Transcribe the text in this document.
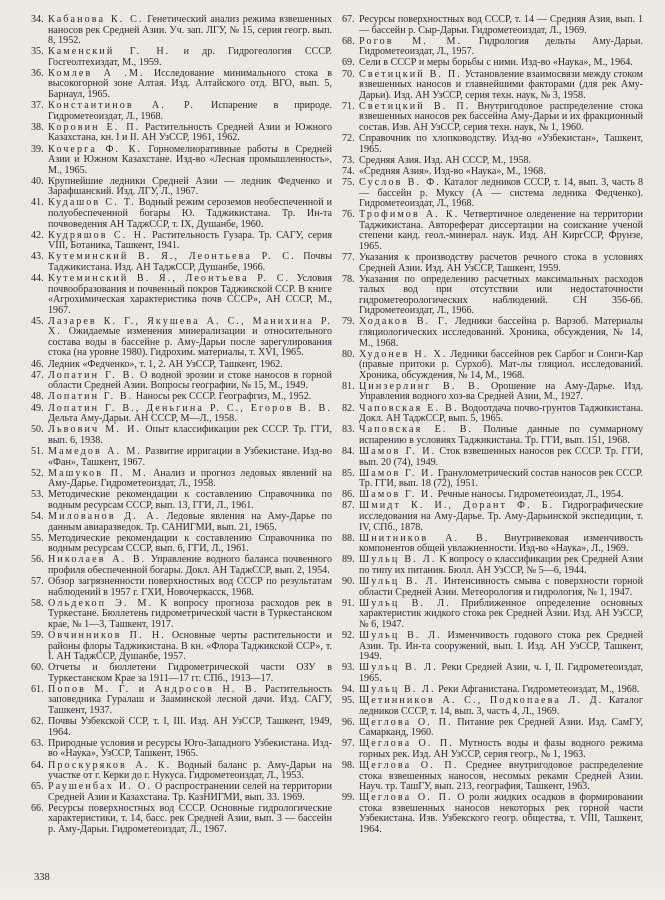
34. Кабанова К. С. Генетический анализ режима взвешенных наносов рек Средней Азии. Уч. зап. ЛГУ, № 15, серия геогр. вып. 8, 1952.
35. Каменский Г. Н. и др. Гидрогеология СССР. Госгеолтехиздат, М., 1959.
36. Комлев А .М. Исследование минимального стока в высокогорной зоне Алтая. Изд. Алтайского отд. ВГО, вып. 5, Барнаул, 1965.
37. Константинов А. Р. Испарение в природе. Гидрометеоиздат, Л., 1968.
38. Коровин Е. П. Растительность Средней Азии и Южного Казахстана, кн. I и II. АН УзССР, 1961, 1962.
39. Кочерга Ф. К. Горномелиоративные работы в Средней Азии и Южном Казахстане. Изд-во «Лесная промышленность», М., 1965.
40. Крупнейшие ледники Средней Азии — ледник Федченко и Зарафшанский. Изд. ЛГУ, Л., 1967.
41. Кудашов С. Т. Водный режим сероземов необеспеченной и полуобеспеченной богары Ю. Таджикистана. Тр. Ин-та почвоведения АН ТаджССР, т. IX, Душанбе, 1960.
42. Кудряшов С. Н. Растительность Гузара. Тр. САГУ, серия VIII, Ботаника, Ташкент, 1941.
43. Кутеминский В. Я., Леонтьева Р. С. Почвы Таджикистана. Изд. АН ТаджССР, Душанбе, 1966.
44. Кутеминский В. Я., Леонтьева Р. С. Условия почвообразования и почвенный покров Таджикской ССР. В книге «Агрохимическая характеристика почв СССР», АН СССР, М., 1967.
45. Лазарев К. Г., Якушева А. С., Манихина Р. Х. Ожидаемые изменения минерализации и относительного состава воды в бассейне р. Аму-Дарьи после зарегулирования стока (на уровне 1980). Гидрохим. материалы, т. XVI, 1965.
46. Ледник «Федченко», т. 1, 2. АН УзССР, Ташкент, 1962.
47. Лопатин Г. В. О водной эрозии и стоке наносов в горной области Средней Азии. Вопросы географии, № 15, М., 1949.
48. Лопатин Г. В. Наносы рек СССР. Географгиз, М., 1952.
49. Лопатин Г. В., Деньгина Р. С., Егоров В. В. Дельта Аму-Дарьи. АН СССР, М—Л., 1958.
50. Львович М. И. Опыт классификации рек СССР. Тр. ГГИ, вып. 6, 1938.
51. Мамедов А. М. Развитие ирригации в Узбекистане. Изд-во «Фан», Ташкент, 1967.
52. Машуков П. М. Анализ и прогноз ледовых явлений на Аму-Дарье. Гидрометеоиздат, Л., 1958.
53. Методические рекомендации к составлению Справочника по водным ресурсам СССР, вып. 13, ГГИ, Л., 1961.
54. Милованов Д. А. Ледовые явления на Аму-Дарье по данным авиаразведок. Тр. САНИГМИ, вып. 21, 1965.
55. Методические рекомендации к составлению Справочника по водным ресурсам СССР, вып. 6, ГГИ, Л., 1961.
56. Николаев А. В. Управление водного баланса почвенного профиля обеспеченной богары. Докл. АН ТаджССР, вып. 2, 1954.
57. Обзор загрязненности поверхностных вод СССР по результатам наблюдений в 1957 г. ГХИ, Новочеркасск, 1968.
58. Ольдекоп Э. М. К вопросу прогноза расходов рек в Туркестане. Бюллетень гидрометрической части в Туркестанском крае, № 1—3, Ташкент, 1917.
59. Овчинников П. Н. Основные черты растительности и районы флоры Таджикистана. В кн. «Флора Таджикской ССР», т. I. АН ТаджССР, Душанбе, 1957.
60. Отчеты и бюллетени Гидрометрической части ОЗУ в Туркестанском Крае за 1911—17 гг. СПб., 1913—17.
61. Попов М. Г. и Андросов Н. В. Растительность заповедника Гуралаш и Зааминской лесной дачи. Изд. САГУ, Ташкент, 1937.
62. Почвы Узбекской ССР, т. I, III. Изд. АН УзССР, Ташкент, 1949, 1964.
63. Природные условия и ресурсы Юго-Западного Узбекистана. Изд-во «Наука», УзССР, Ташкент, 1965.
64. Проскуряков А. К. Водный баланс р. Аму-Дарьи на участке от г. Керки до г. Нукуса. Гидрометеоиздат, Л., 1953.
65. Раушенбах И. О. О распространении селей на территории Средней Азии и Казахстана. Тр. КазНИГМИ, вып. 33. 1969.
66. Ресурсы поверхностных вод СССР. Основные гидрологические характеристики, т. 14, басс. рек Средней Азии, вып. 3 — бассейн р. Аму-Дарьи. Гидрометеоиздат, Л., 1967.
67. Ресурсы поверхностных вод СССР, т. 14 — Средняя Азия, вып. 1 — бассейн р. Сыр-Дарьи. Гидрометеоиздат, Л., 1969.
68. Рогов М. М. Гидрология дельты Аму-Дарьи. Гидрометеоиздат, Л., 1957.
69. Сели в СССР и меры борьбы с ними. Изд-во «Наука», М., 1964.
70. Светицкий В. П. Установление взаимосвязи между стоком взвешенных наносов и главнейшими факторами (для рек Аму-Дарьи). Изд. АН УзССР, серия техн. наук, № 3, 1958.
71. Светицкий В. П. Внутригодовое распределение стока взвешенных наносов рек бассейна Аму-Дарьи и их фракционный состав. Изв. АН УзССР, серия техн. наук, № 1, 1960.
72. Справочник по хлопководству. Изд-во «Узбекистан», Ташкент, 1965.
73. Средняя Азия. Изд. АН СССР, М., 1958.
74. «Средняя Азия». Изд-во «Наука», М., 1968.
75. Суслов В. Ф. Каталог ледников СССР, т. 14, вып. 3, часть 8 — бассейн р. Муксу (А — система ледника Федченко). Гидрометеоиздат, Л., 1968.
76. Трофимов А. К. Четвертичное оледенение на территории Таджикистана. Автореферат диссертации на соискание ученой степени канд. геол.-минерал. наук. Изд. АН КиргССР, Фрунзе, 1965.
77. Указания к производству расчетов речного стока в условиях Средней Азии. Изд. АН УзССР, Ташкент, 1959.
78. Указания по определению расчетных максимальных расходов талых вод при отсутствии или недостаточности гидрометеорологических наблюдений. СН 356-66. Гидрометеоиздат, Л., 1966.
79. Ходаков В. Г. Ледники бассейна р. Варзоб. Материалы гляциологических исследований. Хроника, обсуждения, № 14, М., 1968.
80. Худонев Н. Х. Ледники бассейнов рек Сарбог и Сонги-Кар (правые притоки р. Сурхоб). Мат-лы гляциол. исследований. Хроника, обсуждения, № 14, М., 1968.
81. Цинзерлинг В. В. Орошение на Аму-Дарье. Изд. Управления водного хоз-ва Средней Азии, М., 1927.
82. Чаповская Е. В. Водоотдача почво-грунтов Таджикистана. Докл. АН ТаджССР, вып. 5, 1965.
83. Чаповская Е. В. Полные данные по суммарному испарению в условиях Таджикистана. Тр. ГГИ, вып. 151, 1968.
84. Шамов Г. И. Сток взвешенных наносов рек СССР. Тр. ГГИ, вып. 20 (74), 1949.
85. Шамов Г. И. Гранулометрический состав наносов рек СССР. Тр. ГГИ, вып. 18 (72), 1951.
86. Шамов Г. И. Речные наносы. Гидрометеоиздат, Л., 1954.
87. Шмидт К. И., Дорант Ф. Б. Гидрографические исследования на Аму-Дарье. Тр. Аму-Дарьинской экспедиции, т. IV, СПб., 1878.
88. Шнитников А. В. Внутривековая изменчивость компонентов общей увлажненности. Изд-во «Наука», Л., 1969.
89. Шульц В. Л. К вопросу о классификации рек Средней Азии по типу их питания. Бюлл. АН УзССР, № 5—6, 1944.
90. Шульц В. Л. Интенсивность смыва с поверхности горной области Средней Азии. Метеорология и гидрология, № 1, 1947.
91. Шульц В. Л. Приближенное определение основных характеристик жидкого стока рек Средней Азии. Изд. АН УзССР, № 6, 1947.
92. Шульц В. Л. Изменчивость годового стока рек Средней Азии. Тр. Ин-та сооружений, вып. I. Изд. АН УзССР, Ташкент, 1949.
93. Шульц В. Л. Реки Средней Азии, ч. I, II. Гидрометеоиздат, 1965.
94. Шульц В. Л. Реки Афганистана. Гидрометеоиздат, М., 1968.
95. Щетинников А. С., Подкопаева Л. Д. Каталог ледников СССР, т. 14, вып. 3, часть 4, Л., 1969.
96. Щеглова О. П. Питание рек Средней Азии. Изд. СамГУ, Самарканд, 1960.
97. Щеглова О. П. Мутность воды и фазы водного режима горных рек. Изд. АН УзССР, серия геогр., № 1, 1963.
98. Щеглова О. П. Среднее внутригодовое распределение стока взвешенных наносов, несомых реками Средней Азии. Науч. тр. ТашГУ, вып. 213, география, Ташкент, 1963.
99. Щеглова О. П. О роли жидких осадков в формировании стока взвешенных наносов некоторых рек горной части Узбекистана. Изв. Узбекского геогр. общества, т. VIII, Ташкент, 1964.
338
